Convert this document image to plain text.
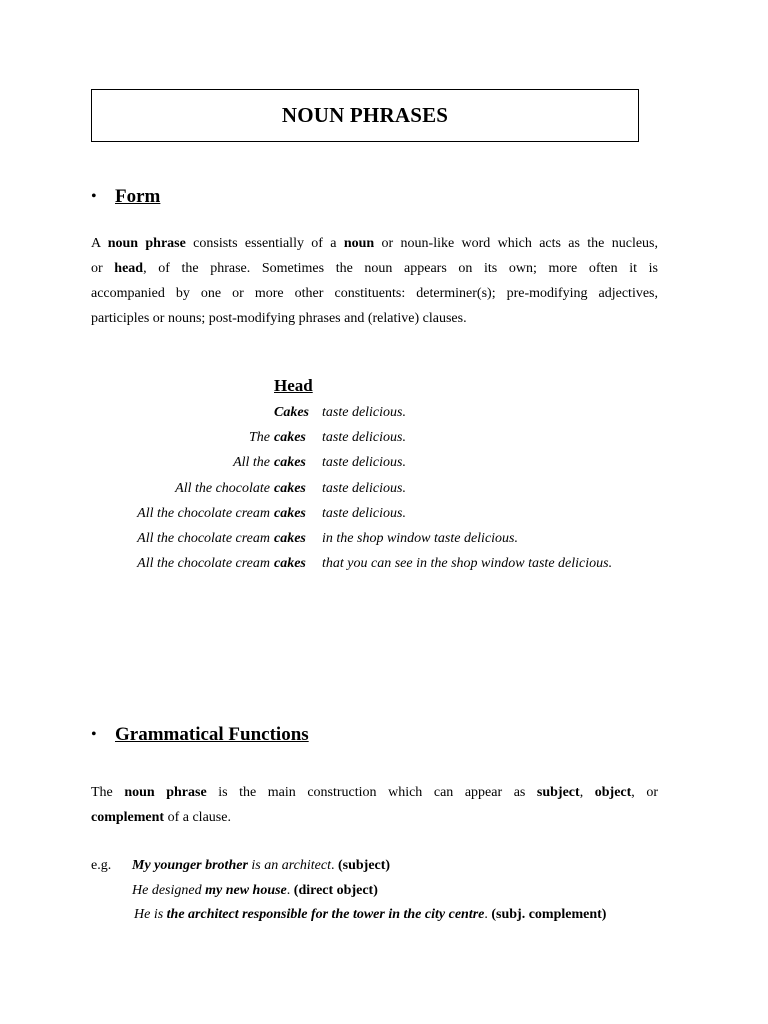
NOUN PHRASES
• Form
A noun phrase consists essentially of a noun or noun-like word which acts as the nucleus,
or head, of the phrase. Sometimes the noun appears on its own; more often it is
accompanied by one or more other constituents: determiner(s); pre-modifying adjectives,
participles or nouns; post-modifying phrases and (relative) clauses.
Head
Cakes taste delicious.
The cakes taste delicious.
All the cakes taste delicious.
All the chocolate cakes taste delicious.
All the chocolate cream cakes taste delicious.
All the chocolate cream cakes in the shop window taste delicious.
All the chocolate cream cakes that you can see in the shop window taste delicious.
• Grammatical Functions
The noun phrase is the main construction which can appear as subject, object, or
complement of a clause.
e.g. My younger brother is an architect. (subject)
He designed my new house. (direct object)
He is the architect responsible for the tower in the city centre. (subj. complement)
